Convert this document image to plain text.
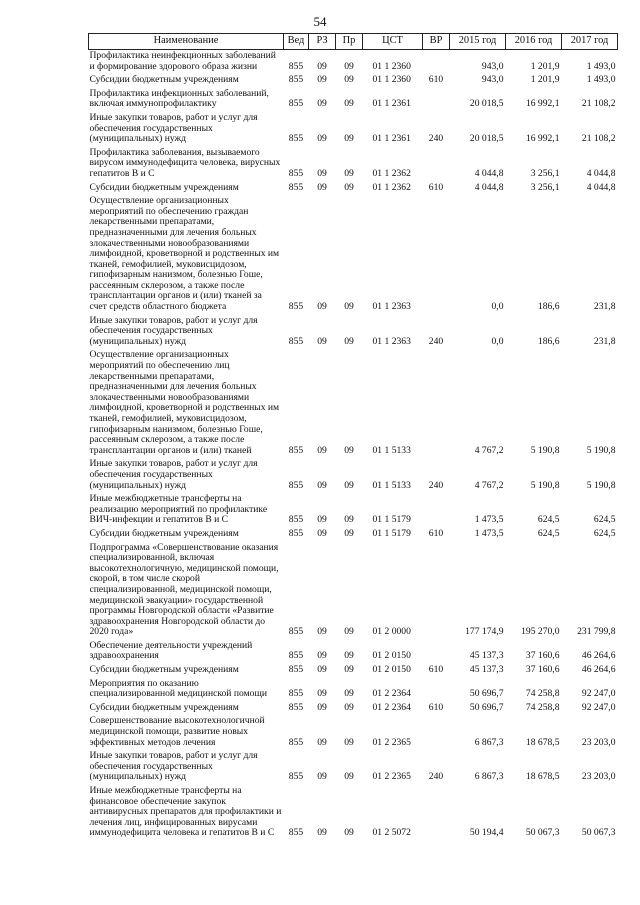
54
Наименование	Вед	РЗ	Пр	ЦСТ	ВР	2015 год	2016 год	2017 год
Профилактика неинфекционных заболеваний и формирование здорового образа жизни	855	09	09	01 1 2360		943,0	1 201,9	1 493,0
Субсидии бюджетным учреждениям	855	09	09	01 1 2360	610	943,0	1 201,9	1 493,0
Профилактика инфекционных заболеваний, включая иммунопрофилактику	855	09	09	01 1 2361		20 018,5	16 992,1	21 108,2
Иные закупки товаров, работ и услуг для обеспечения государственных (муниципальных) нужд	855	09	09	01 1 2361	240	20 018,5	16 992,1	21 108,2
Профилактика заболевания, вызываемого вирусом иммунодефицита человека, вирусных гепатитов В и С	855	09	09	01 1 2362		4 044,8	3 256,1	4 044,8
Субсидии бюджетным учреждениям	855	09	09	01 1 2362	610	4 044,8	3 256,1	4 044,8
Осуществление организационных мероприятий по обеспечению граждан лекарственными препаратами, предназначенными для лечения больных злокачественными новообразованиями лимфоидной, кроветворной и родственных им тканей, гемофилией, муковисцидозом, гипофизарным нанизмом, болезнью Гоше, рассеянным склерозом, а также после трансплантации органов и (или) тканей за счет средств областного бюджета	855	09	09	01 1 2363		0,0	186,6	231,8
Иные закупки товаров, работ и услуг для обеспечения государственных (муниципальных) нужд	855	09	09	01 1 2363	240	0,0	186,6	231,8
Осуществление организационных мероприятий по обеспечению лиц лекарственными препаратами, предназначенными для лечения больных злокачественными новообразованиями лимфоидной, кроветворной и родственных им тканей, гемофилией, муковисцидозом, гипофизарным нанизмом, болезнью Гоше, рассеянным склерозом, а также после трансплантации органов и (или) тканей	855	09	09	01 1 5133		4 767,2	5 190,8	5 190,8
Иные закупки товаров, работ и услуг для обеспечения государственных (муниципальных) нужд	855	09	09	01 1 5133	240	4 767,2	5 190,8	5 190,8
Иные межбюджетные трансферты на реализацию мероприятий по профилактике ВИЧ-инфекции и гепатитов В и С	855	09	09	01 1 5179		1 473,5	624,5	624,5
Субсидии бюджетным учреждениям	855	09	09	01 1 5179	610	1 473,5	624,5	624,5
Подпрограмма «Совершенствование оказания специализированной, включая высокотехнологичную, медицинской помощи, скорой, в том числе скорой специализированной, медицинской помощи, медицинской эвакуации» государственной программы Новгородской области «Развитие здравоохранения Новгородской области до 2020 года»	855	09	09	01 2 0000		177 174,9	195 270,0	231 799,8
Обеспечение деятельности учреждений здравоохранения	855	09	09	01 2 0150		45 137,3	37 160,6	46 264,6
Субсидии бюджетным учреждениям	855	09	09	01 2 0150	610	45 137,3	37 160,6	46 264,6
Мероприятия по оказанию специализированной медицинской помощи	855	09	09	01 2 2364		50 696,7	74 258,8	92 247,0
Субсидии бюджетным учреждениям	855	09	09	01 2 2364	610	50 696,7	74 258,8	92 247,0
Совершенствование высокотехнологичной медицинской помощи, развитие новых эффективных методов лечения	855	09	09	01 2 2365		6 867,3	18 678,5	23 203,0
Иные закупки товаров, работ и услуг для обеспечения государственных (муниципальных) нужд	855	09	09	01 2 2365	240	6 867,3	18 678,5	23 203,0
Иные межбюджетные трансферты на финансовое обеспечение закупок антивирусных препаратов для профилактики и лечения лиц, инфицированных вирусами иммунодефицита человека и гепатитов В и С	855	09	09	01 2 5072		50 194,4	50 067,3	50 067,3
